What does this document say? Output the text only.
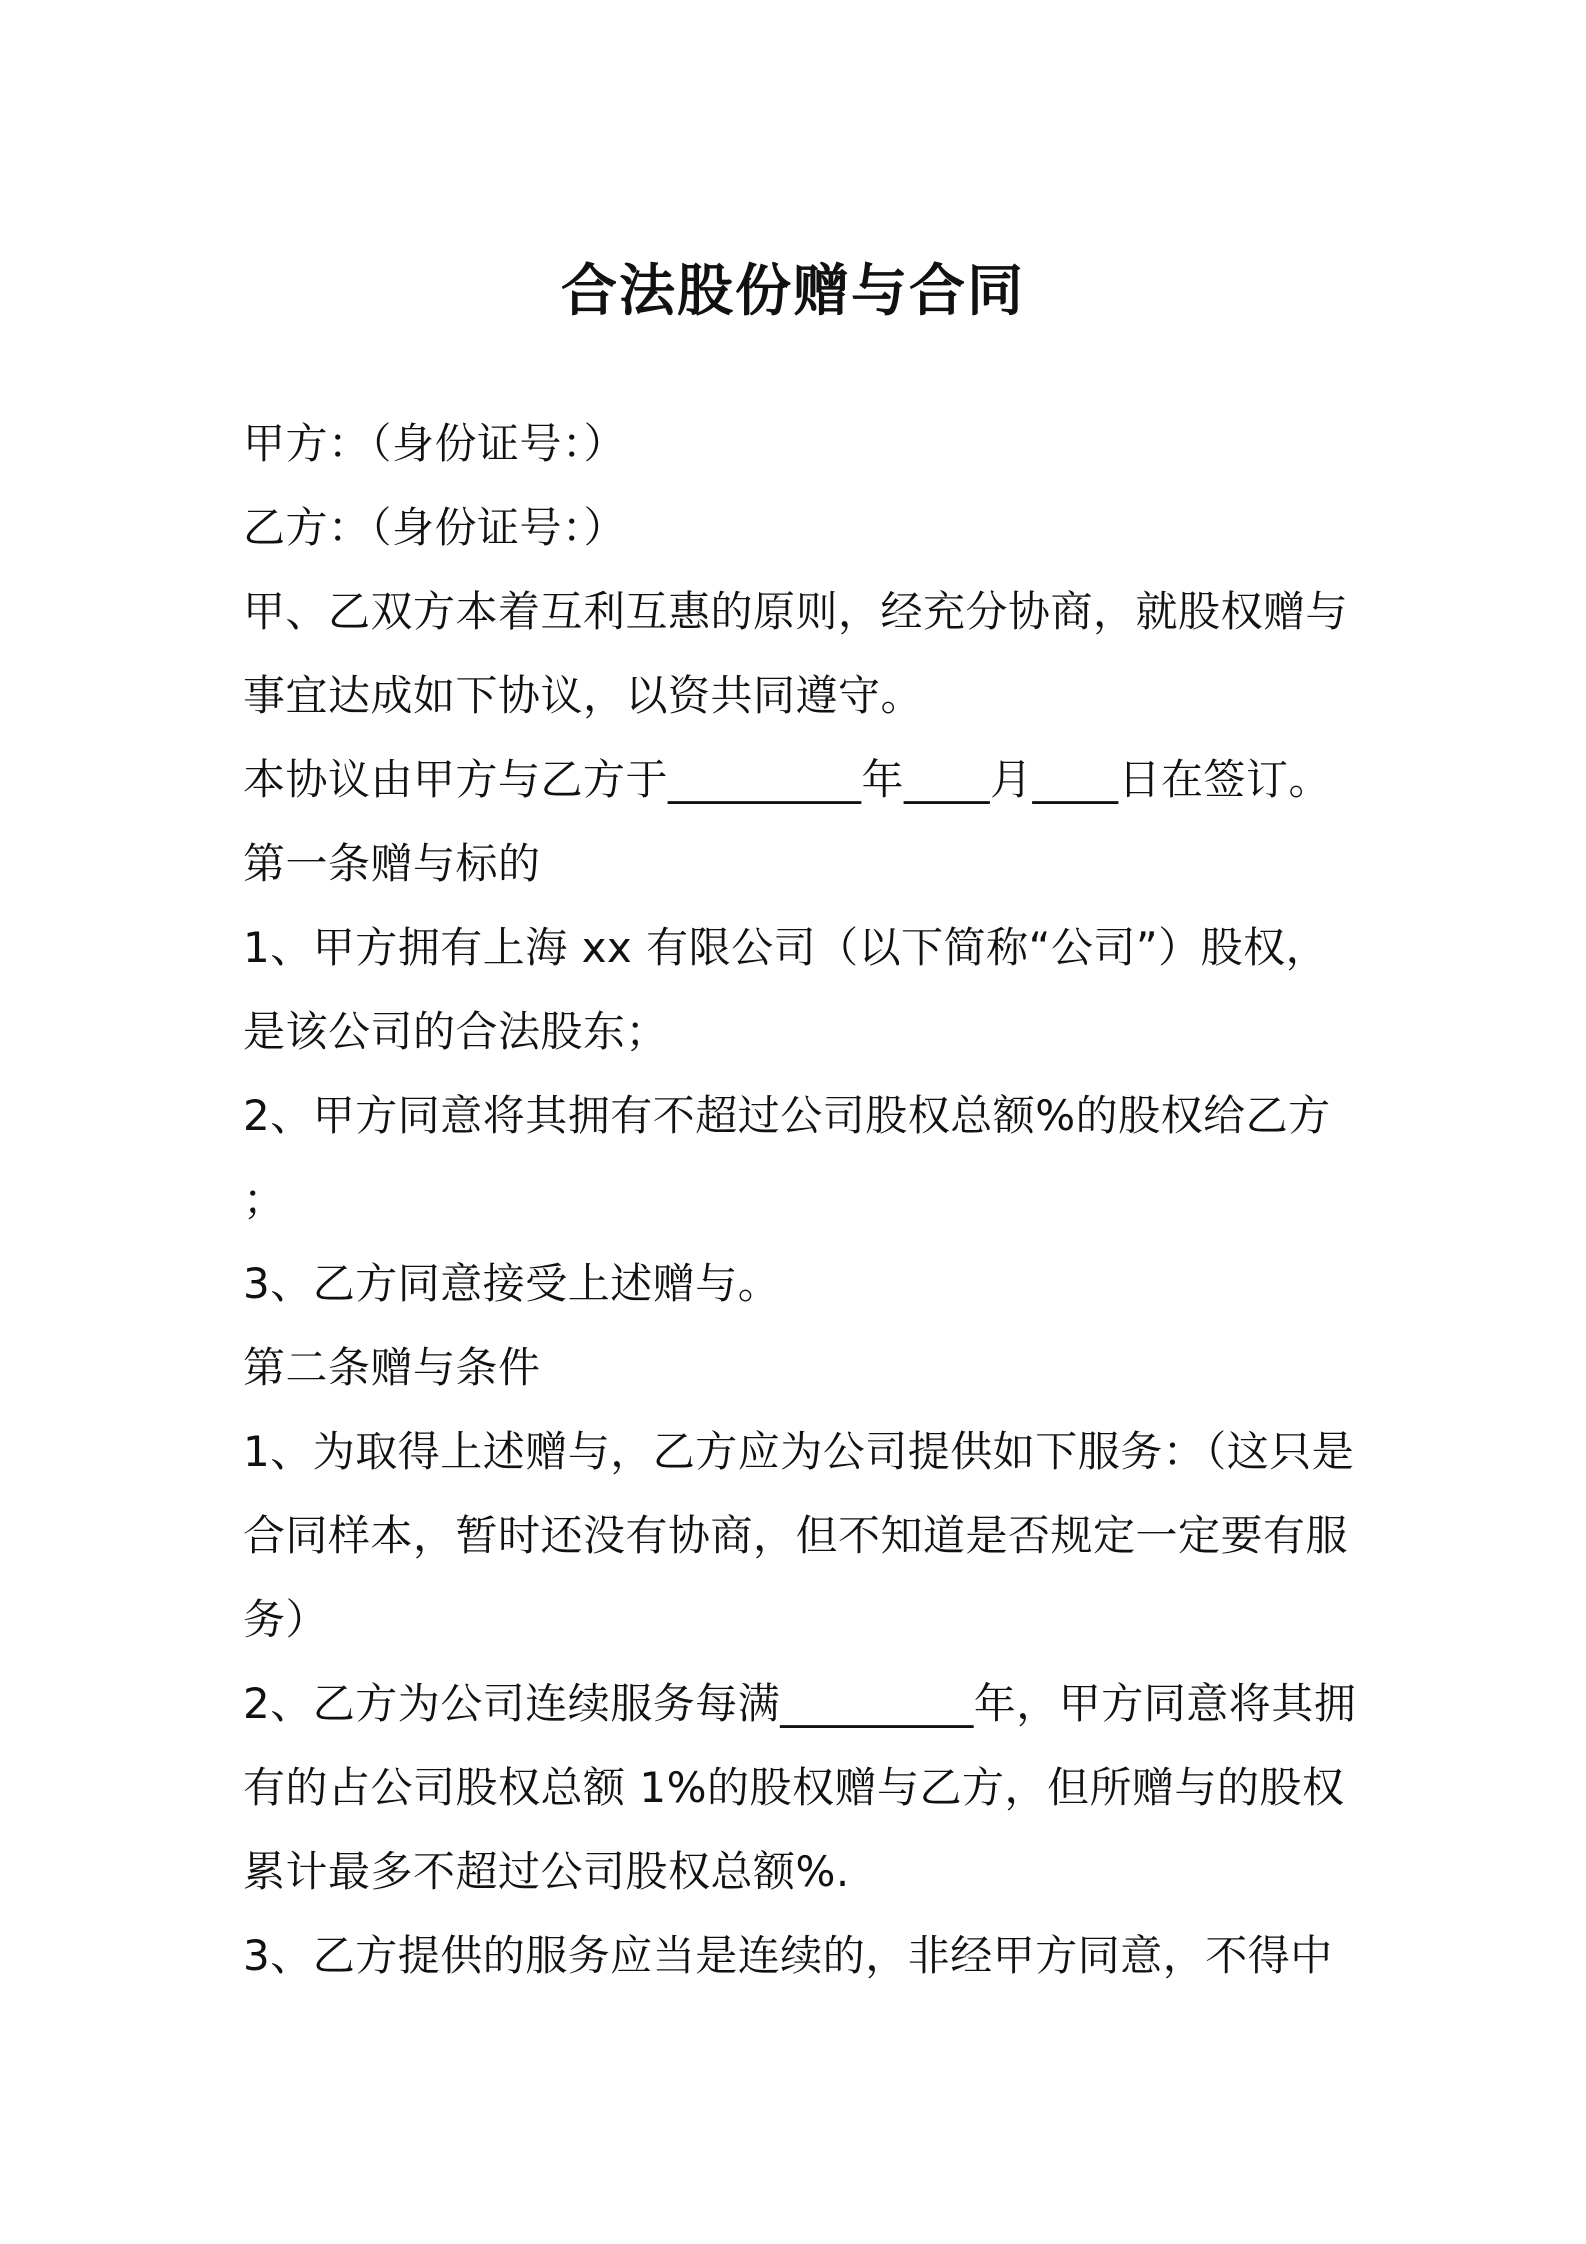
合法股份赠与合同

甲方：（身份证号：）

乙方：（身份证号：）

甲、乙双方本着互利互惠的原则，经充分协商，就股权赠与

事宜达成如下协议，以资共同遵守。

本协议由甲方与乙方于_________年____月____日在签订。

第一条赠与标的

1、甲方拥有上海 xx 有限公司（以下简称“公司”）股权，

是该公司的合法股东；

2、甲方同意将其拥有不超过公司股权总额%的股权给乙方

；

3、乙方同意接受上述赠与。

第二条赠与条件

1、为取得上述赠与，乙方应为公司提供如下服务：（这只是

合同样本，暂时还没有协商，但不知道是否规定一定要有服

务）

2、乙方为公司连续服务每满_________年，甲方同意将其拥

有的占公司股权总额 1%的股权赠与乙方，但所赠与的股权

累计最多不超过公司股权总额%.

3、乙方提供的服务应当是连续的，非经甲方同意，不得中
